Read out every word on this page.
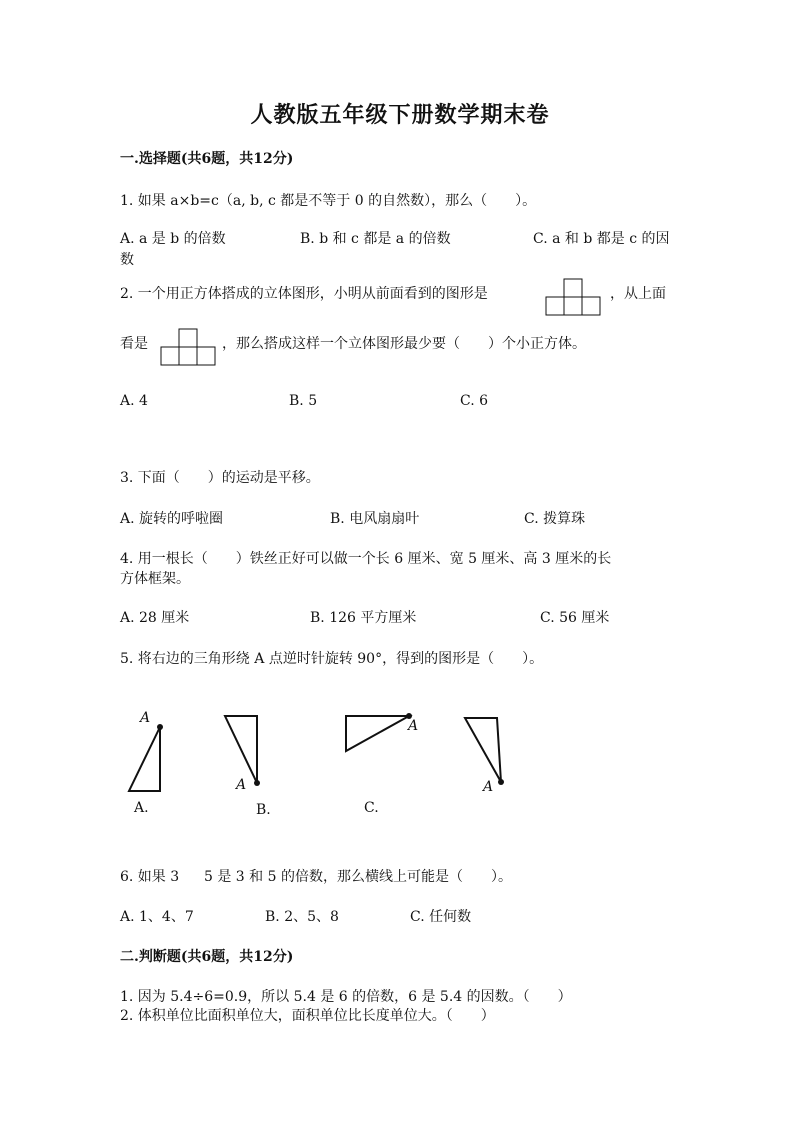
人教版五年级下册数学期末卷
一.选择题(共6题，共12分)
1. 如果 a×b=c（a, b, c 都是不等于 0 的自然数），那么（　　）。
A. a 是 b 的倍数	B. b 和 c 都是 a 的倍数	C. a 和 b 都是 c 的因
数
2. 一个用正方体搭成的立体图形，小明从前面看到的图形是	，从上面
看是	，那么搭成这样一个立体图形最少要（　　）个小正方体。
A. 4	B. 5	C. 6
3. 下面（　　）的运动是平移。
A. 旋转的呼啦圈	B. 电风扇扇叶	C. 拨算珠
4. 用一根长（　　）铁丝正好可以做一个长 6 厘米、宽 5 厘米、高 3 厘米的长
方体框架。
A. 28 厘米	B. 126 平方厘米	C. 56 厘米
5. 将右边的三角形绕 A 点逆时针旋转 90°，得到的图形是（　　）。
A
A.
A
B.
A
C.
A
6. 如果 3 5 是 3 和 5 的倍数，那么横线上可能是（　　）。
A. 1、4、7	B. 2、5、8	C. 任何数
二.判断题(共6题，共12分)
1. 因为 5.4÷6=0.9，所以 5.4 是 6 的倍数，6 是 5.4 的因数。（　　）
2. 体积单位比面积单位大，面积单位比长度单位大。（　　）
